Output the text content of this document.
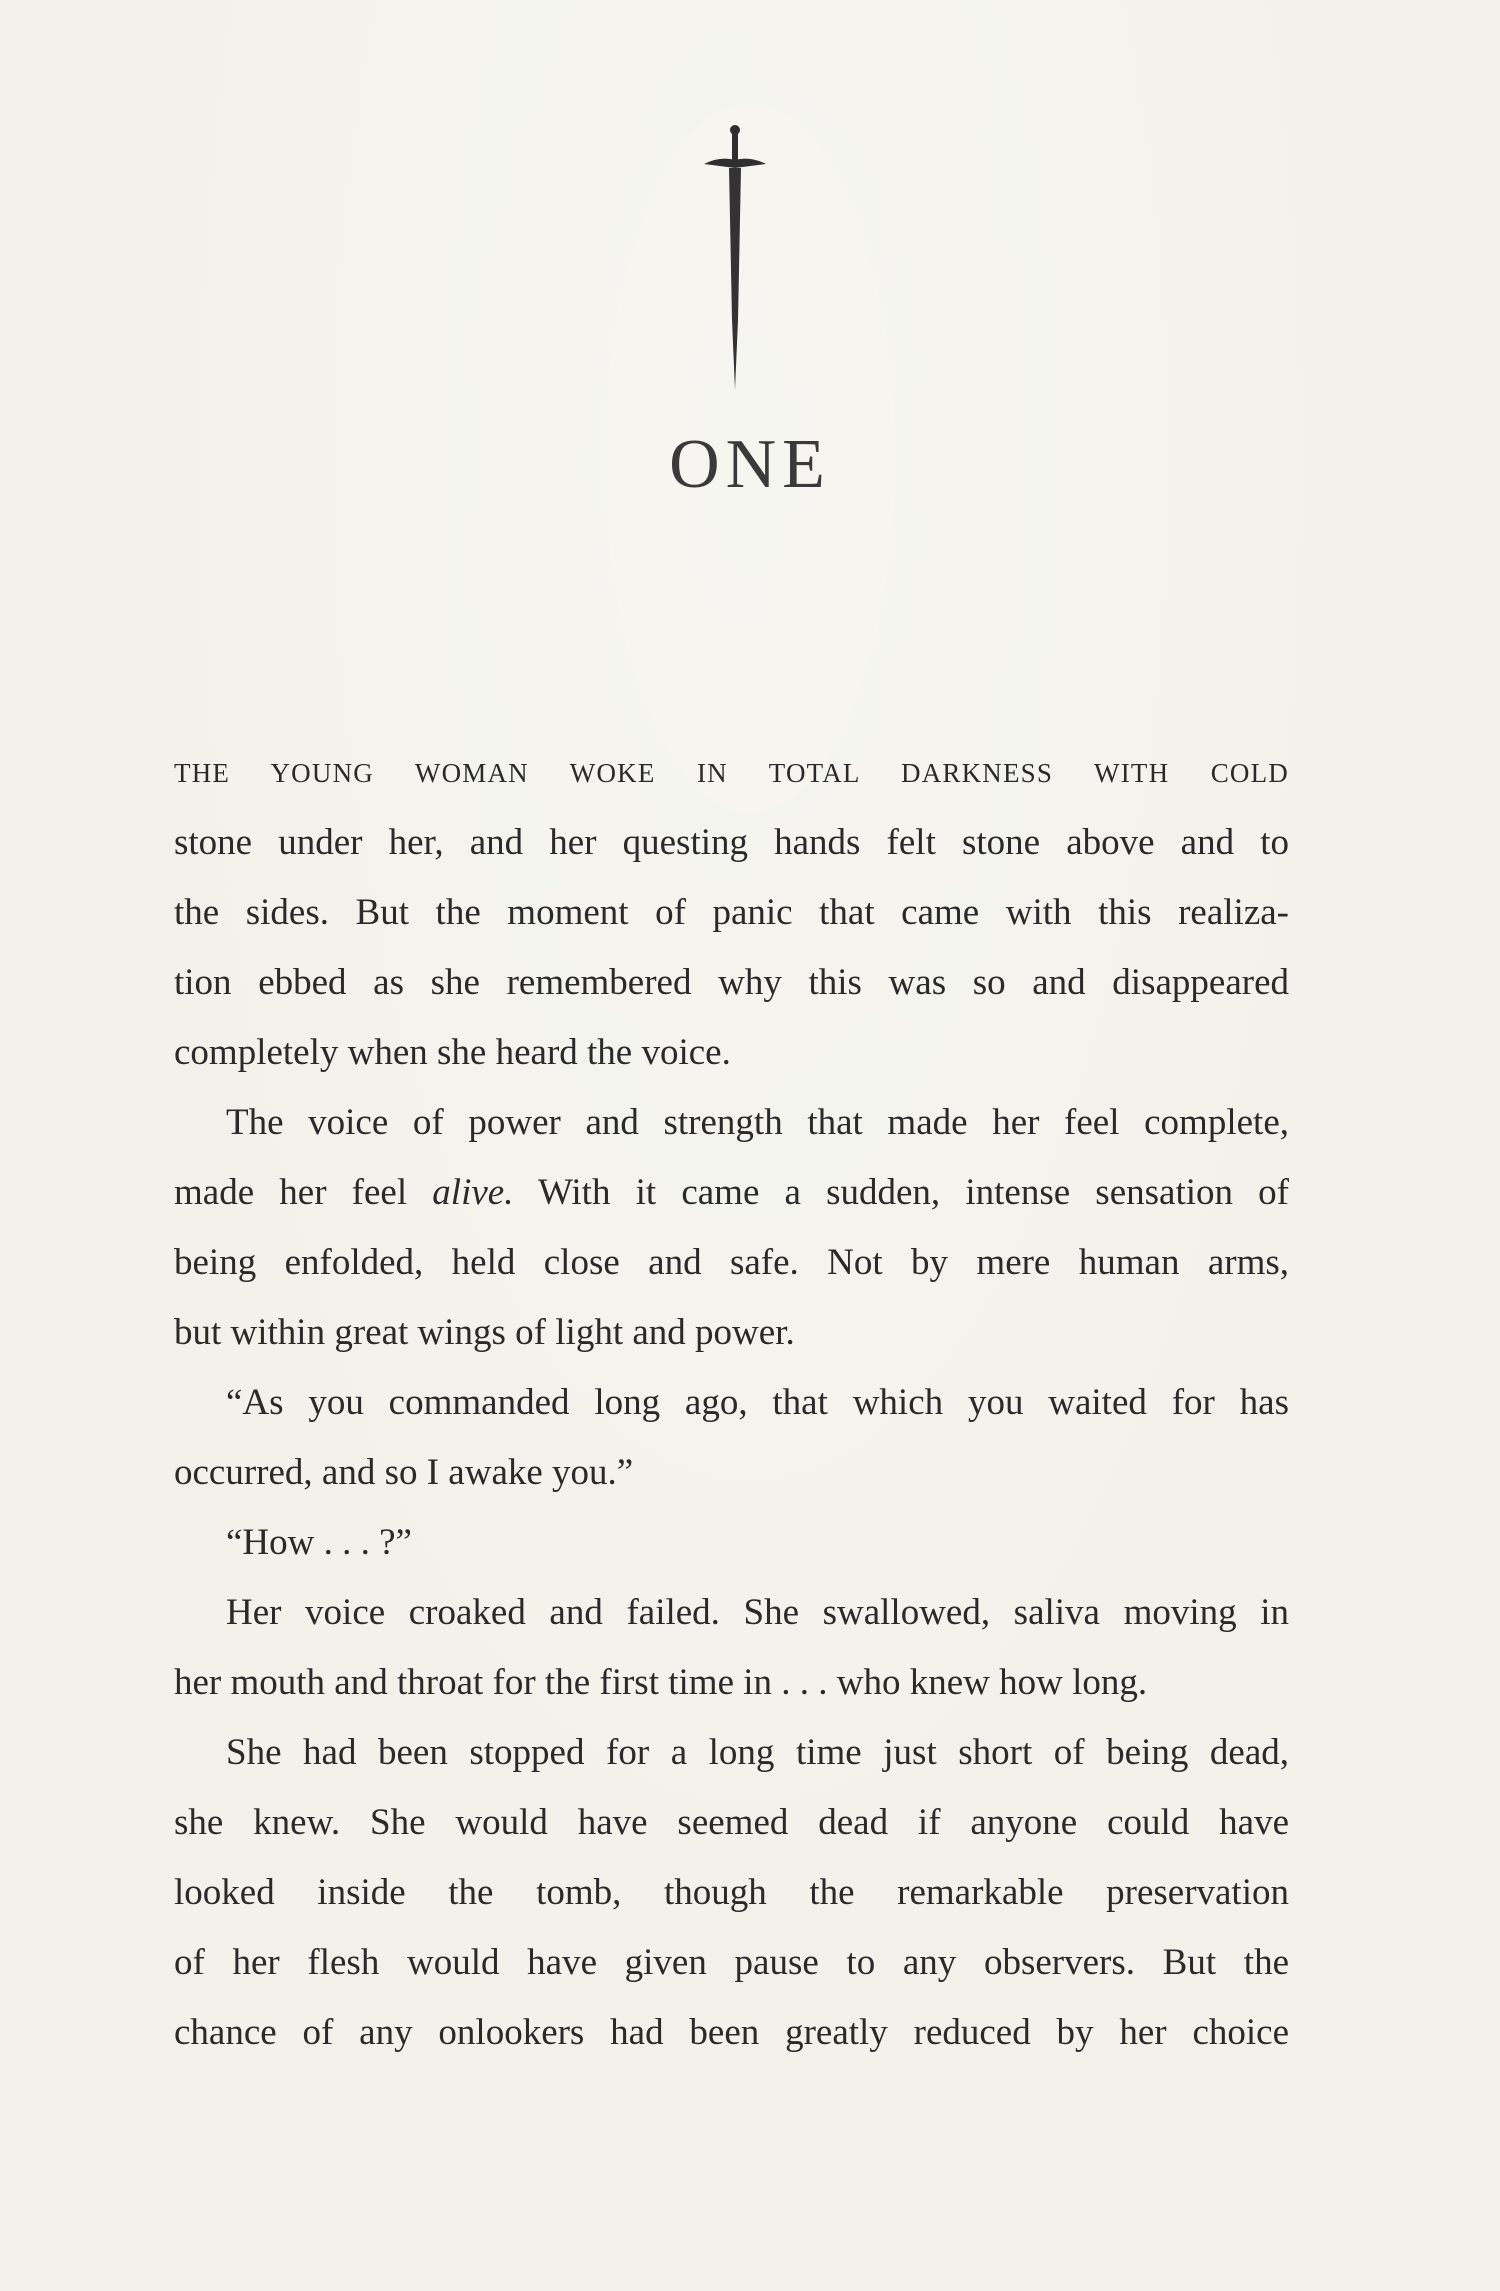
ONE
THE YOUNG WOMAN WOKE IN TOTAL DARKNESS WITH COLD
stone under her, and her questing hands felt stone above and to
the sides. But the moment of panic that came with this realiza-
tion ebbed as she remembered why this was so and disappeared
completely when she heard the voice.
The voice of power and strength that made her feel complete,
made her feel alive. With it came a sudden, intense sensation of
being enfolded, held close and safe. Not by mere human arms,
but within great wings of light and power.
“As you commanded long ago, that which you waited for has
occurred, and so I awake you.”
“How . . . ?”
Her voice croaked and failed. She swallowed, saliva moving in
her mouth and throat for the first time in . . . who knew how long.
She had been stopped for a long time just short of being dead,
she knew. She would have seemed dead if anyone could have
looked inside the tomb, though the remarkable preservation
of her flesh would have given pause to any observers. But the
chance of any onlookers had been greatly reduced by her choice
